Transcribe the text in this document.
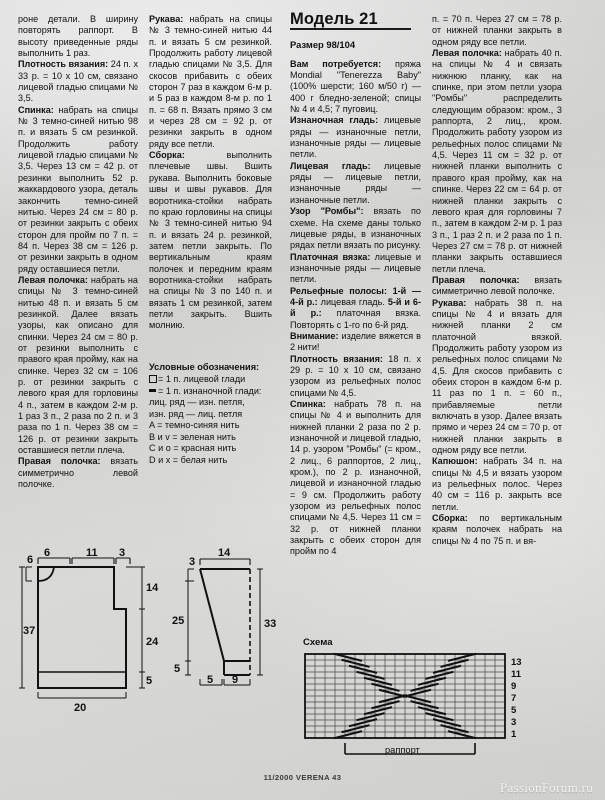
роне детали. В ширину повторять раппорт. В высоту приведенные ряды выполнить 1 раз.

Плотность вязания: 24 п. х 33 р. = 10 х 10 см, связано лицевой гладью спицами № 3,5.

Спинка: набрать на спицы № 3 темно-синей нитью 98 п. и вязать 5 см резинкой. Продолжить работу лицевой гладью спицами № 3,5. Через 13 см = 42 р. от резинки выполнить 52 р. жаккардового узора, деталь закончить темно-синей нитью. Через 24 см = 80 р. от резинки закрыть с обеих сторон для пройм по 7 п. = 84 п. Через 38 см = 126 р. от резинки закрыть в одном ряду оставшиеся петли.

Левая полочка: набрать на спицы № 3 темно-синей нитью 48 п. и вязать 5 см резинкой. Далее вязать узоры, как описано для спинки. Через 24 см = 80 р. от резинки выполнить с правого края пройму, как на спинке. Через 32 см = 106 р. от резинки закрыть с левого края для горловины 4 п., затем в каждом 2-м р. 1 раз 3 п., 2 раза по 2 п. и 3 раза по 1 п. Через 38 см = 126 р. от резинки закрыть оставшиеся петли плеча.

Правая полочка: вязать симметрично левой полочке.

Рукава: набрать на спицы № 3 темно-синей нитью 44 п. и вязать 5 см резинкой. Продолжить работу лицевой гладью спицами № 3,5. Для скосов прибавить с обеих сторон 7 раз в каждом 6-м р. и 5 раз в каждом 8-м р. по 1 п. = 68 п. Вязать прямо 3 см и через 28 см = 92 р. от резинки закрыть в одном ряду все петли.

Сборка: выполнить плечевые швы. Вшить рукава. Выполнить боковые швы и швы рукавов. Для воротника-стойки набрать по краю горловины на спицы № 3 темно-синей нитью 94 п. и вязать 24 р. резинкой, затем петли закрыть. По вертикальным краям полочек и передним краям воротника-стойки набрать на спицы № 3 по 140 п. и вязать 1 см резинкой, затем петли закрыть. Вшить молнию.

Условные обозначения:
= 1 п. лицевой глади
= 1 п. изнаночной глади:
лиц. ряд — изн. петля,
изн. ряд — лиц. петля
A = темно-синяя нить
B и v = зеленая нить
C и o = красная нить
D и x = белая нить
Модель 21
Размер 98/104

Вам потребуется: пряжа Mondial "Tenerezza Baby" (100% шерсти; 160 м/50 г) — 400 г бледно-зеленой; спицы № 4 и 4,5; 7 пуговиц.

Изнаночная гладь: лицевые ряды — изнаночные петли, изнаночные ряды — лицевые петли.

Лицевая гладь: лицевые ряды — лицевые петли, изнаночные ряды — изнаночные петли.

Узор "Ромбы": вязать по схеме. На схеме даны только лицевые ряды, в изнаночных рядах петли вязать по рисунку.

Платочная вязка: лицевые и изнаночные ряды — лицевые петли.

Рельефные полосы: 1-й — 4-й р.: лицевая гладь. 5-й и 6-й р.: платочная вязка. Повторять с 1-го по 6-й ряд.

Внимание: изделие вяжется в 2 нити!

Плотность вязания: 18 п. х 29 р. = 10 х 10 см, связано узором из рельефных полос спицами № 4,5.

Спинка: набрать 78 п. на спицы № 4 и выполнить для нижней планки 2 раза по 2 р. изнаночной и лицевой гладью, 14 р. узором "Ромбы" (= кром., 2 лиц., 6 раппортов, 2 лиц., кром.), по 2 р. изнаночной, лицевой и изнаночной гладью = 9 см. Продолжить работу узором из рельефных полос спицами № 4,5. Через 11 см = 32 р. от нижней планки закрыть с обеих сторон для пройм по 4

п. = 70 п. Через 27 см = 78 р. от нижней планки закрыть в одном ряду все петли.

Левая полочка: набрать 40 п. на спицы № 4 и связать нижнюю планку, как на спинке, при этом петли узора "Ромбы" распределить следующим образом: кром., 3 раппорта, 2 лиц., кром. Продолжить работу узором из рельефных полос спицами № 4,5. Через 11 см = 32 р. от нижней планки выполнить с правого края пройму, как на спинке. Через 22 см = 64 р. от нижней планки закрыть с левого края для горловины 7 п., затем в каждом 2-м р. 1 раз 3 п., 1 раз 2 п. и 2 раза по 1 п. Через 27 см = 78 р. от нижней планки закрыть оставшиеся петли плеча.

Правая полочка: вязать симметрично левой полочке.

Рукава: набрать 38 п. на спицы № 4 и вязать для нижней планки 2 см платочной вязкой. Продолжить работу узором из рельефных полос спицами № 4,5. Для скосов прибавить с обеих сторон в каждом 6-м р. 11 раз по 1 п. = 60 п., прибавляемые петли включать в узор. Далее вязать прямо и через 24 см = 70 р. от нижней планки закрыть в одном ряду все петли.

Капюшон: набрать 34 п. на спицы № 4,5 и вязать узором из рельефных полос. Через 40 см = 116 р. закрыть все петли.

Сборка: по вертикальным краям полочек набрать на спицы № 4 по 75 п. и вя-

6	11 3
6
37
14
24
5
20
14
3
25
5
33
5 9
Схема
1
3
5
7
9
11
13
раппорт
11/2000 VERENA 43
PassionForum.ru
